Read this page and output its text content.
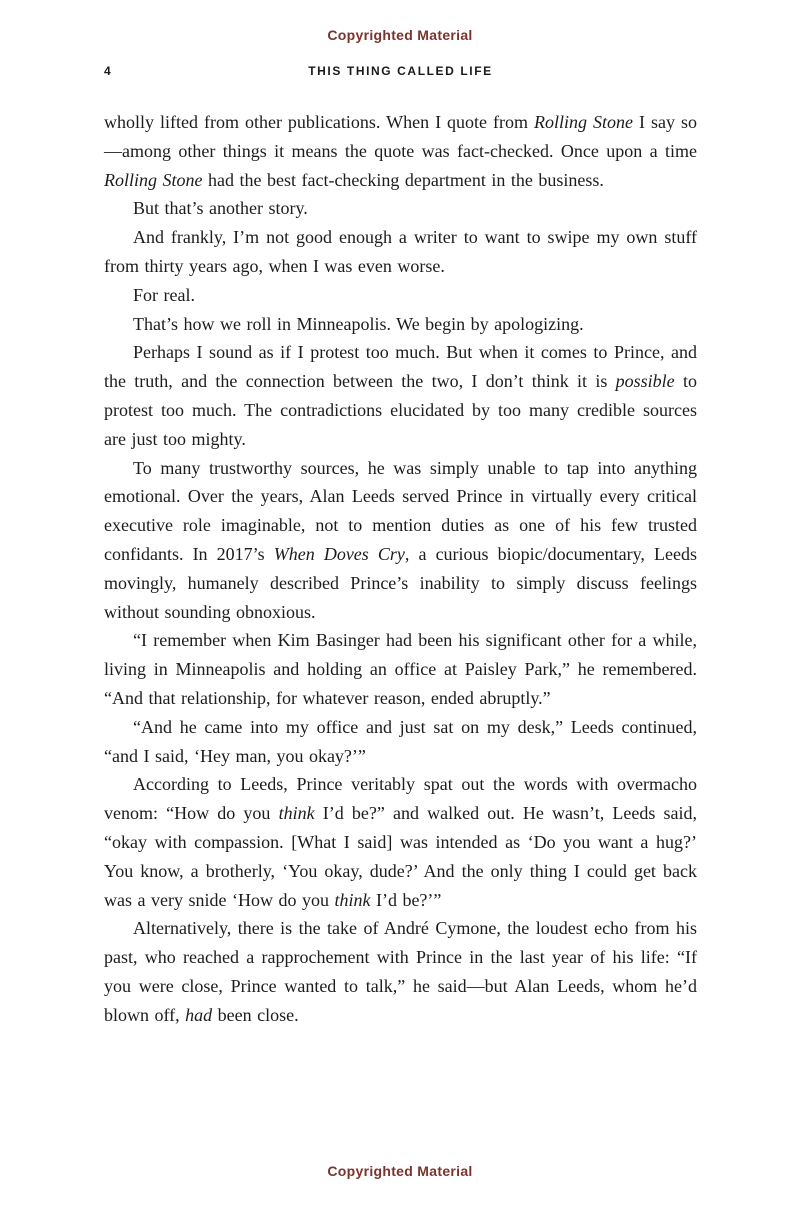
Copyrighted Material
4	THIS THING CALLED LIFE

wholly lifted from other publications. When I quote from Rolling Stone I say so—among other things it means the quote was fact-checked. Once upon a time Rolling Stone had the best fact-checking department in the business.

But that’s another story.

And frankly, I’m not good enough a writer to want to swipe my own stuff from thirty years ago, when I was even worse.

For real.

That’s how we roll in Minneapolis. We begin by apologizing.

Perhaps I sound as if I protest too much. But when it comes to Prince, and the truth, and the connection between the two, I don’t think it is possible to protest too much. The contradictions elucidated by too many credible sources are just too mighty.

To many trustworthy sources, he was simply unable to tap into anything emotional. Over the years, Alan Leeds served Prince in virtually every critical executive role imaginable, not to mention duties as one of his few trusted confidants. In 2017’s When Doves Cry, a curious biopic/documentary, Leeds movingly, humanely described Prince’s inability to simply discuss feelings without sounding obnoxious.

“I remember when Kim Basinger had been his significant other for a while, living in Minneapolis and holding an office at Paisley Park,” he remembered. “And that relationship, for whatever reason, ended abruptly.”

“And he came into my office and just sat on my desk,” Leeds continued, “and I said, ‘Hey man, you okay?’”

According to Leeds, Prince veritably spat out the words with overmacho venom: “How do you think I’d be?” and walked out. He wasn’t, Leeds said, “okay with compassion. [What I said] was intended as ‘Do you want a hug?’ You know, a brotherly, ‘You okay, dude?’ And the only thing I could get back was a very snide ‘How do you think I’d be?’”

Alternatively, there is the take of André Cymone, the loudest echo from his past, who reached a rapprochement with Prince in the last year of his life: “If you were close, Prince wanted to talk,” he said—but Alan Leeds, whom he’d blown off, had been close.

Copyrighted Material
